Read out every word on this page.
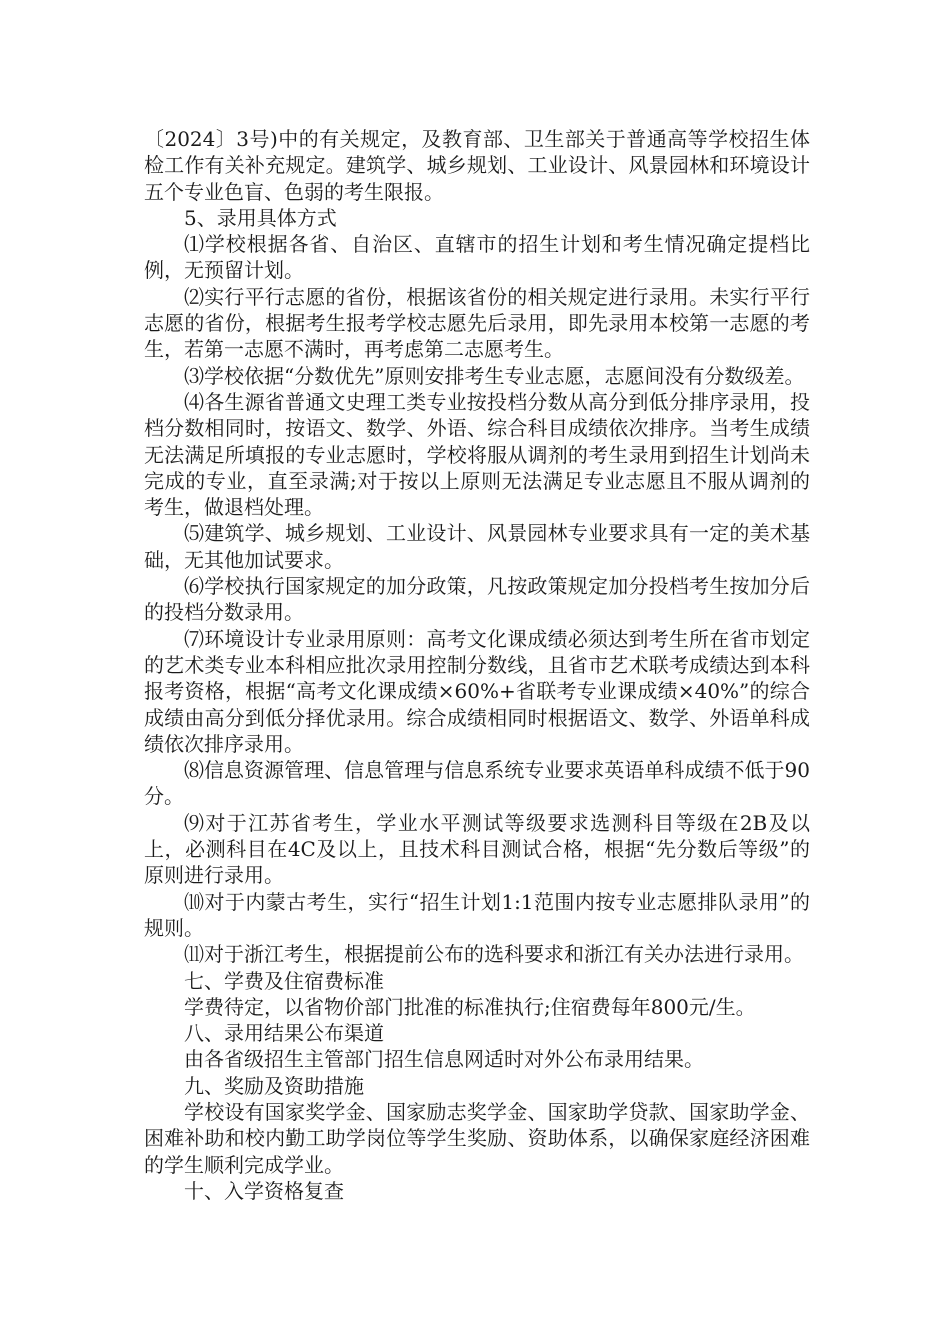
〔2024〕3号)中的有关规定，及教育部、卫生部关于普通高等学校招生体检工作有关补充规定。建筑学、城乡规划、工业设计、风景园林和环境设计五个专业色盲、色弱的考生限报。

5、录用具体方式

⑴学校根据各省、自治区、直辖市的招生计划和考生情况确定提档比例，无预留计划。

⑵实行平行志愿的省份，根据该省份的相关规定进行录用。未实行平行志愿的省份，根据考生报考学校志愿先后录用，即先录用本校第一志愿的考生，若第一志愿不满时，再考虑第二志愿考生。

⑶学校依据“分数优先”原则安排考生专业志愿，志愿间没有分数级差。

⑷各生源省普通文史理工类专业按投档分数从高分到低分排序录用，投档分数相同时，按语文、数学、外语、综合科目成绩依次排序。当考生成绩无法满足所填报的专业志愿时，学校将服从调剂的考生录用到招生计划尚未完成的专业，直至录满;对于按以上原则无法满足专业志愿且不服从调剂的考生，做退档处理。

⑸建筑学、城乡规划、工业设计、风景园林专业要求具有一定的美术基础，无其他加试要求。

⑹学校执行国家规定的加分政策，凡按政策规定加分投档考生按加分后的投档分数录用。

⑺环境设计专业录用原则：高考文化课成绩必须达到考生所在省市划定的艺术类专业本科相应批次录用控制分数线，且省市艺术联考成绩达到本科报考资格，根据“高考文化课成绩×60%+省联考专业课成绩×40%”的综合成绩由高分到低分择优录用。综合成绩相同时根据语文、数学、外语单科成绩依次排序录用。

⑻信息资源管理、信息管理与信息系统专业要求英语单科成绩不低于90分。

⑼对于江苏省考生，学业水平测试等级要求选测科目等级在2B及以上，必测科目在4C及以上，且技术科目测试合格，根据“先分数后等级”的原则进行录用。

⑽对于内蒙古考生，实行“招生计划1:1范围内按专业志愿排队录用”的规则。

⑾对于浙江考生，根据提前公布的选科要求和浙江有关办法进行录用。

七、学费及住宿费标准

学费待定，以省物价部门批准的标准执行;住宿费每年800元/生。

八、录用结果公布渠道

由各省级招生主管部门招生信息网适时对外公布录用结果。

九、奖励及资助措施

学校设有国家奖学金、国家励志奖学金、国家助学贷款、国家助学金、困难补助和校内勤工助学岗位等学生奖励、资助体系，以确保家庭经济困难的学生顺利完成学业。

十、入学资格复查
